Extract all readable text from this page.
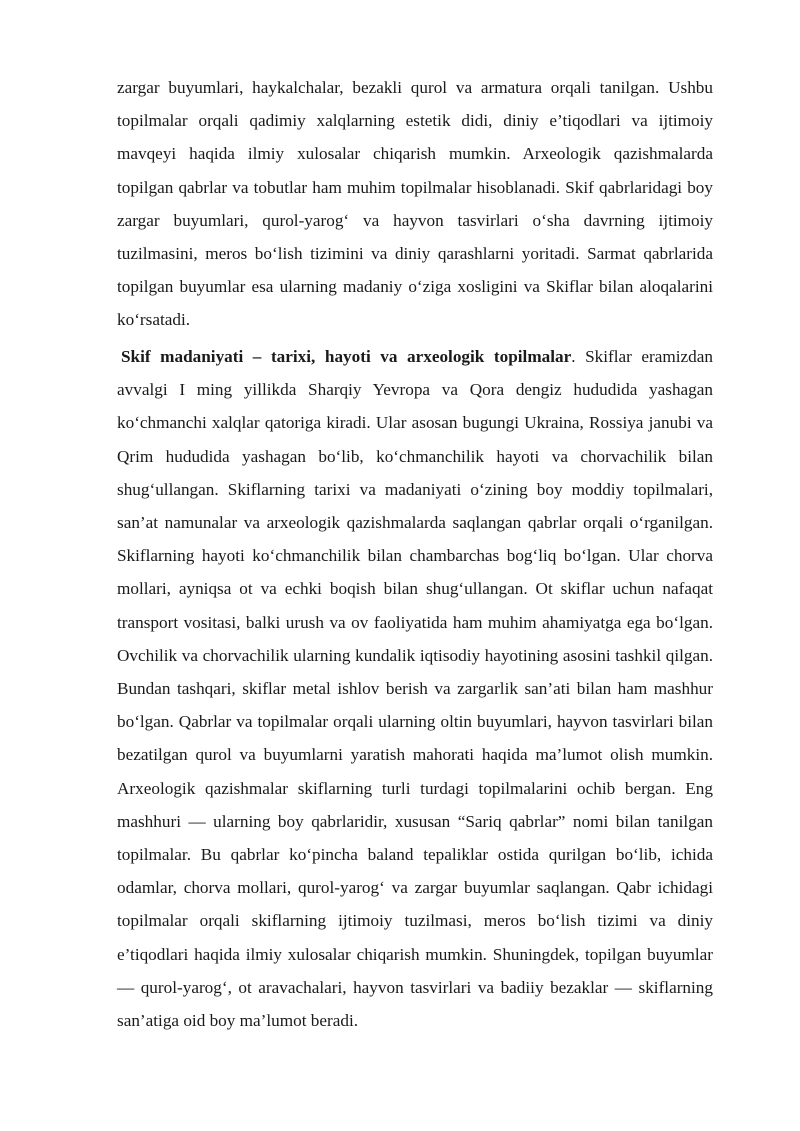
zargar buyumlari, haykalchalar, bezakli qurol va armatura orqali tanilgan. Ushbu topilmalar orqali qadimiy xalqlarning estetik didi, diniy e’tiqodlari va ijtimoiy mavqeyi haqida ilmiy xulosalar chiqarish mumkin. Arxeologik qazishmalarda topilgan qabrlar va tobutlar ham muhim topilmalar hisoblanadi. Skif qabrlaridagi boy zargar buyumlari, qurol-yarog‘ va hayvon tasvirlari o‘sha davrning ijtimoiy tuzilmasini, meros bo‘lish tizimini va diniy qarashlarni yoritadi. Sarmat qabrlarida topilgan buyumlar esa ularning madaniy o‘ziga xosligini va Skiflar bilan aloqalarini ko‘rsatadi.

Skif madaniyati – tarixi, hayoti va arxeologik topilmalar. Skiflar eramizdan avvalgi I ming yillikda Sharqiy Yevropa va Qora dengiz hududida yashagan ko‘chmanchi xalqlar qatoriga kiradi. Ular asosan bugungi Ukraina, Rossiya janubi va Qrim hududida yashagan bo‘lib, ko‘chmanchilik hayoti va chorvachilik bilan shug‘ullangan. Skiflarning tarixi va madaniyati o‘zining boy moddiy topilmalari, san’at namunalar va arxeologik qazishmalarda saqlangan qabrlar orqali o‘rganilgan. Skiflarning hayoti ko‘chmanchilik bilan chambarchas bog‘liq bo‘lgan. Ular chorva mollari, ayniqsa ot va echki boqish bilan shug‘ullangan. Ot skiflar uchun nafaqat transport vositasi, balki urush va ov faoliyatida ham muhim ahamiyatga ega bo‘lgan. Ovchilik va chorvachilik ularning kundalik iqtisodiy hayotining asosini tashkil qilgan. Bundan tashqari, skiflar metal ishlov berish va zargarlik san’ati bilan ham mashhur bo‘lgan. Qabrlar va topilmalar orqali ularning oltin buyumlari, hayvon tasvirlari bilan bezatilgan qurol va buyumlarni yaratish mahorati haqida ma’lumot olish mumkin. Arxeologik qazishmalar skiflarning turli turdagi topilmalarini ochib bergan. Eng mashhuri — ularning boy qabrlaridir, xususan “Sariq qabrlar” nomi bilan tanilgan topilmalar. Bu qabrlar ko‘pincha baland tepaliklar ostida qurilgan bo‘lib, ichida odamlar, chorva mollari, qurol-yarog‘ va zargar buyumlar saqlangan. Qabr ichidagi topilmalar orqali skiflarning ijtimoiy tuzilmasi, meros bo‘lish tizimi va diniy e’tiqodlari haqida ilmiy xulosalar chiqarish mumkin. Shuningdek, topilgan buyumlar — qurol-yarog‘, ot aravachalari, hayvon tasvirlari va badiiy bezaklar — skiflarning san’atiga oid boy ma’lumot beradi.
